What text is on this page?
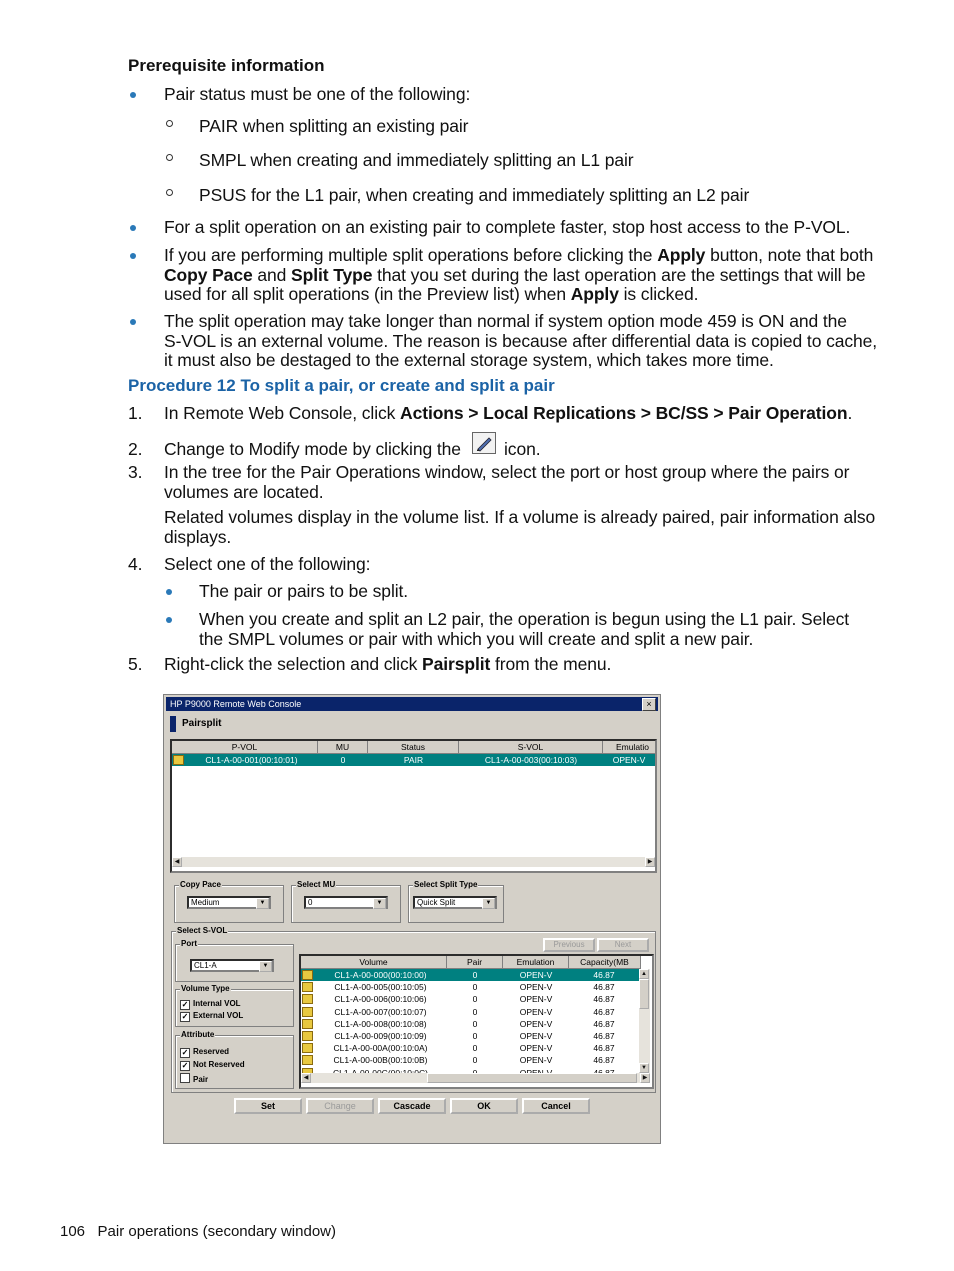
Prerequisite information
Pair status must be one of the following:
PAIR when splitting an existing pair
SMPL when creating and immediately splitting an L1 pair
PSUS for the L1 pair, when creating and immediately splitting an L2 pair
For a split operation on an existing pair to complete faster, stop host access to the P-VOL.
If you are performing multiple split operations before clicking the Apply button, note that both
Copy Pace and Split Type that you set during the last operation are the settings that will be
used for all split operations (in the Preview list) when Apply is clicked.
The split operation may take longer than normal if system option mode 459 is ON and the
S-VOL is an external volume. The reason is because after differential data is copied to cache,
it must also be destaged to the external storage system, which takes more time.
Procedure 12 To split a pair, or create and split a pair
1.	In Remote Web Console, click Actions > Local Replications > BC/SS > Pair Operation.
2.	Change to Modify mode by clicking the icon.
3.	In the tree for the Pair Operations window, select the port or host group where the pairs or
volumes are located.
Related volumes display in the volume list. If a volume is already paired, pair information also
displays.
4.	Select one of the following:
The pair or pairs to be split.
When you create and split an L2 pair, the operation is begun using the L1 pair. Select
the SMPL volumes or pair with which you will create and split a new pair.
5.	Right-click the selection and click Pairsplit from the menu.
HP P9000 Remote Web Console	×
Pairsplit
P-VOL	MU	Status	S-VOL	Emulatio
CL1-A-00-001(00:10:01)	0	PAIR	CL1-A-00-003(00:10:03)	OPEN-V
◀	▶
Copy Pace
Medium	▼
Select MU
0	▼
Select Split Type
Quick Split	▼
Select S-VOL
Port
CL1-A	▼
Volume Type
✓ Internal VOL
✓ External VOL
Attribute
✓ Reserved
✓ Not Reserved
Pair
Previous	Next
Volume	Pair	Emulation	Capacity(MB
CL1-A-00-000(00:10:00)	0	OPEN-V	46.87
CL1-A-00-005(00:10:05)	0	OPEN-V	46.87
CL1-A-00-006(00:10:06)	0	OPEN-V	46.87
CL1-A-00-007(00:10:07)	0	OPEN-V	46.87
CL1-A-00-008(00:10:08)	0	OPEN-V	46.87
CL1-A-00-009(00:10:09)	0	OPEN-V	46.87
CL1-A-00-00A(00:10:0A)	0	OPEN-V	46.87
CL1-A-00-00B(00:10:0B)	0	OPEN-V	46.87
▲
▼
◀	▶
Set	Change	Cascade	OK	Cancel
106 Pair operations (secondary window)
